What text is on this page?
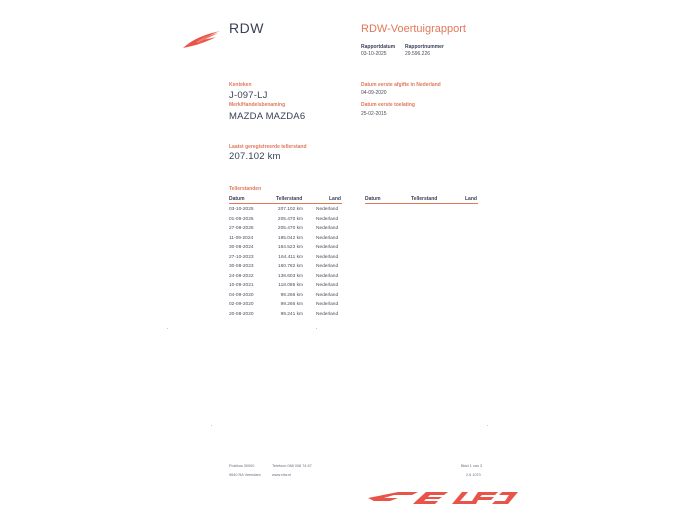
RDW	RDW-Voertuigrapport
Rapportdatum
03-10-2025
Rapportnummer
29.596.226
Kenteken
J-097-LJ
Merk/Handelsbenaming
MAZDA MAZDA6
Datum eerste afgifte in Nederland
04-09-2020
Datum eerste toelating
25-02-2015
Laatst geregistreerde tellerstand
207.102 km
Tellerstanden
Datum	Tellerstand	Land	Datum	Tellerstand	Land
03-10-2025	207.102 km	Nederland
01-09-2025	205.470 km	Nederland
27-08-2025	205.470 km	Nederland
11-09-2024	185.042 km	Nederland
30-08-2024	184.523 km	Nederland
27-10-2023	164.411 km	Nederland
30-08-2023	160.782 km	Nederland
24-08-2022	138.603 km	Nederland
10-09-2021	118.085 km	Nederland
04-09-2020	99.266 km	Nederland
02-09-2020	99.266 km	Nederland
20-08-2020	99.241 km	Nederland
Postbus 30000
9640 RA Veendam
Telefoon 088 008 74 67
www.rdw.nl
Blad 1 van 3
2.6 1070
